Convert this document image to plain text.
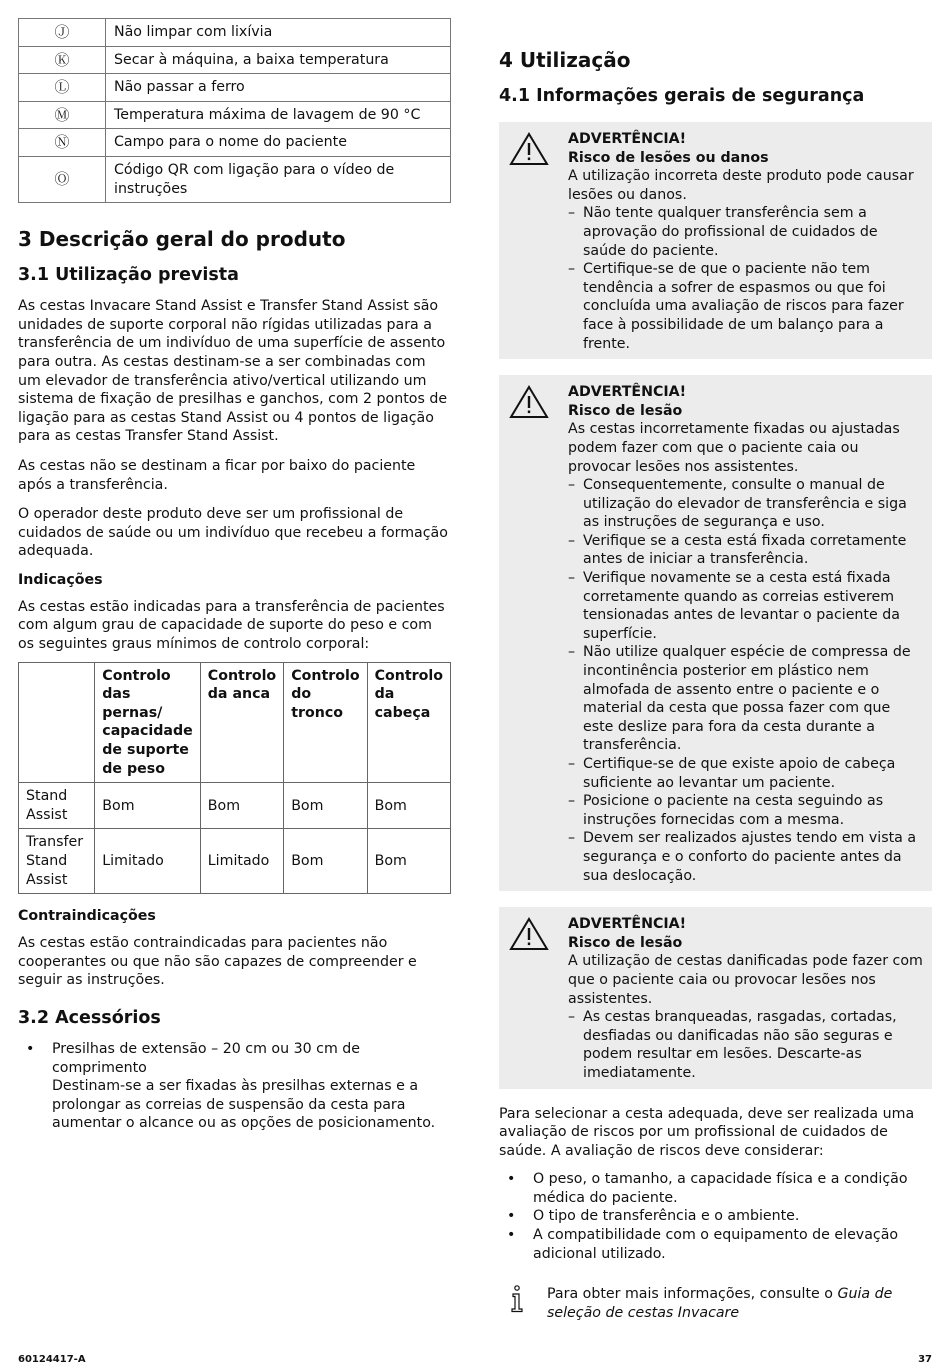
Ⓙ	Não limpar com lixívia
Ⓚ	Secar à máquina, a baixa temperatura
Ⓛ	Não passar a ferro
Ⓜ	Temperatura máxima de lavagem de 90 °C
Ⓝ	Campo para o nome do paciente
Ⓞ	Código QR com ligação para o vídeo de instruções
3 Descrição geral do produto
3.1 Utilização prevista

As cestas Invacare Stand Assist e Transfer Stand Assist são unidades de suporte corporal não rígidas utilizadas para a transferência de um indivíduo de uma superfície de assento para outra. As cestas destinam-se a ser combinadas com um elevador de transferência ativo/vertical utilizando um sistema de fixação de presilhas e ganchos, com 2 pontos de ligação para as cestas Stand Assist ou 4 pontos de ligação para as cestas Transfer Stand Assist.

As cestas não se destinam a ficar por baixo do paciente após a transferência.

O operador deste produto deve ser um profissional de cuidados de saúde ou um indivíduo que recebeu a formação adequada.

Indicações

As cestas estão indicadas para a transferência de pacientes com algum grau de capacidade de suporte do peso e com os seguintes graus mínimos de controlo corporal:

	Controlo das pernas/ capacidade de suporte de peso	Controlo da anca	Controlo do tronco	Controlo da cabeça
Stand Assist	Bom	Bom	Bom	Bom
Transfer Stand Assist	Limitado	Limitado	Bom	Bom
Contraindicações

As cestas estão contraindicadas para pacientes não cooperantes ou que não são capazes de compreender e seguir as instruções.

3.2 Acessórios
• Presilhas de extensão – 20 cm ou 30 cm de comprimento
Destinam-se a ser fixadas às presilhas externas e a prolongar as correias de suspensão da cesta para aumentar o alcance ou as opções de posicionamento.
4 Utilização
4.1 Informações gerais de segurança
ADVERTÊNCIA!
Risco de lesões ou danos

A utilização incorreta deste produto pode causar lesões ou danos.

– Não tente qualquer transferência sem a aprovação do profissional de cuidados de saúde do paciente.
– Certifique-se de que o paciente não tem tendência a sofrer de espasmos ou que foi concluída uma avaliação de riscos para fazer face à possibilidade de um balanço para a frente.
ADVERTÊNCIA!
Risco de lesão

As cestas incorretamente fixadas ou ajustadas podem fazer com que o paciente caia ou provocar lesões nos assistentes.

– Consequentemente, consulte o manual de utilização do elevador de transferência e siga as instruções de segurança e uso.
– Verifique se a cesta está fixada corretamente antes de iniciar a transferência.
– Verifique novamente se a cesta está fixada corretamente quando as correias estiverem tensionadas antes de levantar o paciente da superfície.
– Não utilize qualquer espécie de compressa de incontinência posterior em plástico nem almofada de assento entre o paciente e o material da cesta que possa fazer com que este deslize para fora da cesta durante a transferência.
– Certifique-se de que existe apoio de cabeça suficiente ao levantar um paciente.
– Posicione o paciente na cesta seguindo as instruções fornecidas com a mesma.
– Devem ser realizados ajustes tendo em vista a segurança e o conforto do paciente antes da sua deslocação.
ADVERTÊNCIA!
Risco de lesão

A utilização de cestas danificadas pode fazer com que o paciente caia ou provocar lesões nos assistentes.

– As cestas branqueadas, rasgadas, cortadas, desfiadas ou danificadas não são seguras e podem resultar em lesões. Descarte-as imediatamente.

Para selecionar a cesta adequada, deve ser realizada uma avaliação de riscos por um profissional de cuidados de saúde. A avaliação de riscos deve considerar:

• O peso, o tamanho, a capacidade física e a condição médica do paciente.
• O tipo de transferência e o ambiente.
• A compatibilidade com o equipamento de elevação adicional utilizado.

Para obter mais informações, consulte o Guia de seleção de cestas Invacare

60124417-A	37
